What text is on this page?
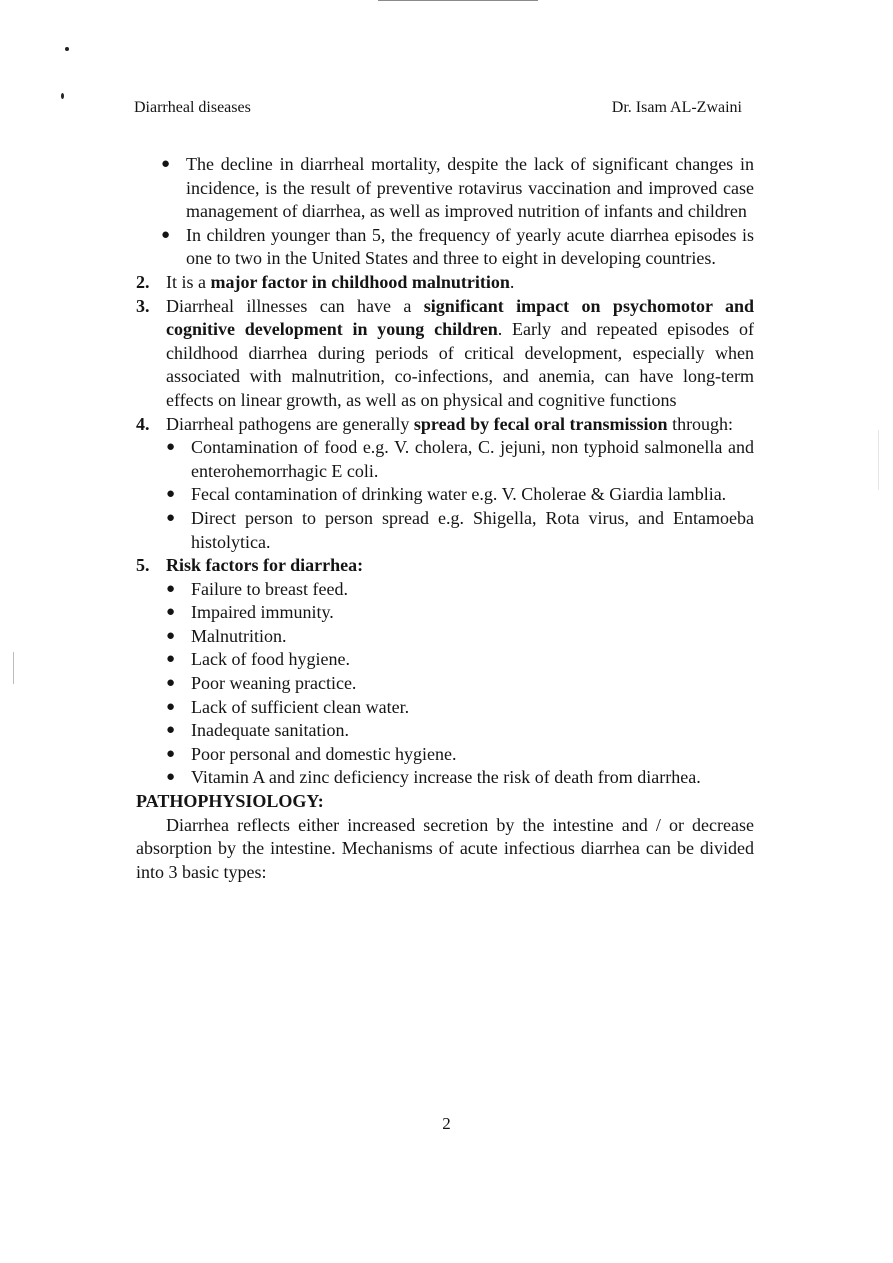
Diarrheal diseases	Dr. Isam AL-Zwaini
● The decline in diarrheal mortality, despite the lack of significant changes in incidence, is the result of preventive rotavirus vaccination and improved case management of diarrhea, as well as improved nutrition of infants and children
● In children younger than 5, the frequency of yearly acute diarrhea episodes is one to two in the United States and three to eight in developing countries.
2. It is a major factor in childhood malnutrition.
3. Diarrheal illnesses can have a significant impact on psychomotor and cognitive development in young children. Early and repeated episodes of childhood diarrhea during periods of critical development, especially when associated with malnutrition, co-infections, and anemia, can have long-term effects on linear growth, as well as on physical and cognitive functions
4. Diarrheal pathogens are generally spread by fecal oral transmission through:
● Contamination of food e.g. V. cholera, C. jejuni, non typhoid salmonella and enterohemorrhagic E coli.
● Fecal contamination of drinking water e.g. V. Cholerae & Giardia lamblia.
● Direct person to person spread e.g. Shigella, Rota virus, and Entamoeba histolytica.
5. Risk factors for diarrhea:
● Failure to breast feed.
● Impaired immunity.
● Malnutrition.
● Lack of food hygiene.
● Poor weaning practice.
● Lack of sufficient clean water.
● Inadequate sanitation.
● Poor personal and domestic hygiene.
● Vitamin A and zinc deficiency increase the risk of death from diarrhea.
PATHOPHYSIOLOGY:
Diarrhea reflects either increased secretion by the intestine and / or decrease absorption by the intestine. Mechanisms of acute infectious diarrhea can be divided into 3 basic types:
2
